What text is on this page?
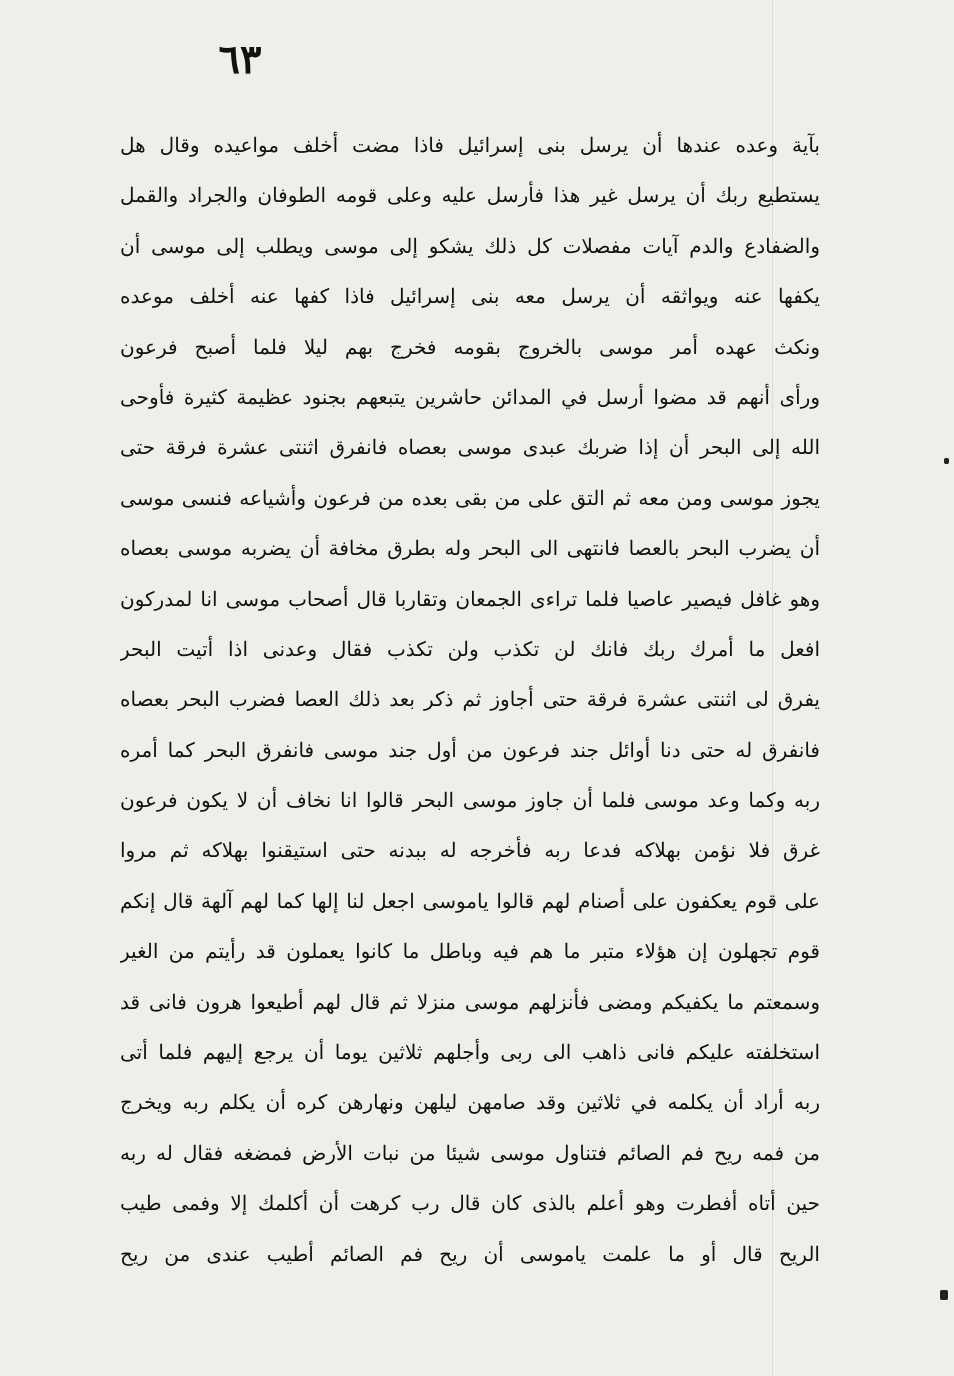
٦٣
بآية وعده عندها أن يرسل بنى إسرائيل فاذا مضت أخلف مواعيده وقال هل
يستطيع ربك أن يرسل غير هذا فأرسل عليه وعلى قومه الطوفان والجراد والقمل
والضفادع والدم آيات مفصلات كل ذلك يشكو إلى موسى ويطلب إلى موسى أن
يكفها عنه ويواثقه أن يرسل معه بنى إسرائيل فاذا كفها عنه أخلف موعده
ونكث عهده أمر موسى بالخروج بقومه فخرج بهم ليلا فلما أصبح فرعون
ورأى أنهم قد مضوا أرسل في المدائن حاشرين يتبعهم بجنود عظيمة كثيرة فأوحى
الله إلى البحر أن إذا ضربك عبدى موسى بعصاه فانفرق اثنتى عشرة فرقة حتى
يجوز موسى ومن معه ثم التق على من بقى بعده من فرعون وأشياعه فنسى موسى
أن يضرب البحر بالعصا فانتهى الى البحر وله بطرق مخافة أن يضربه موسى بعصاه
وهو غافل فيصير عاصيا فلما تراءى الجمعان وتقاربا قال أصحاب موسى انا لمدركون
افعل ما أمرك ربك فانك لن تكذب ولن تكذب فقال وعدنى اذا أتيت البحر
يفرق لى اثنتى عشرة فرقة حتى أجاوز ثم ذكر بعد ذلك العصا فضرب البحر بعصاه
فانفرق له حتى دنا أوائل جند فرعون من أول جند موسى فانفرق البحر كما أمره
ربه وكما وعد موسى فلما أن جاوز موسى البحر قالوا انا نخاف أن لا يكون فرعون
غرق فلا نؤمن بهلاكه فدعا ربه فأخرجه له ببدنه حتى استيقنوا بهلاكه ثم مروا
على قوم يعكفون على أصنام لهم قالوا ياموسى اجعل لنا إلها كما لهم آلهة قال إنكم
قوم تجهلون إن هؤلاء متبر ما هم فيه وباطل ما كانوا يعملون قد رأيتم من الغير
وسمعتم ما يكفيكم ومضى فأنزلهم موسى منزلا ثم قال لهم أطيعوا هرون فانى قد
استخلفته عليكم فانى ذاهب الى ربى وأجلهم ثلاثين يوما أن يرجع إليهم فلما أتى
ربه أراد أن يكلمه في ثلاثين وقد صامهن ليلهن ونهارهن كره أن يكلم ربه ويخرج
من فمه ريح فم الصائم فتناول موسى شيئا من نبات الأرض فمضغه فقال له ربه
حين أتاه أفطرت وهو أعلم بالذى كان قال رب كرهت أن أكلمك إلا وفمى طيب
الريح قال أو ما علمت ياموسى أن ريح فم الصائم أطيب عندى من ريح
